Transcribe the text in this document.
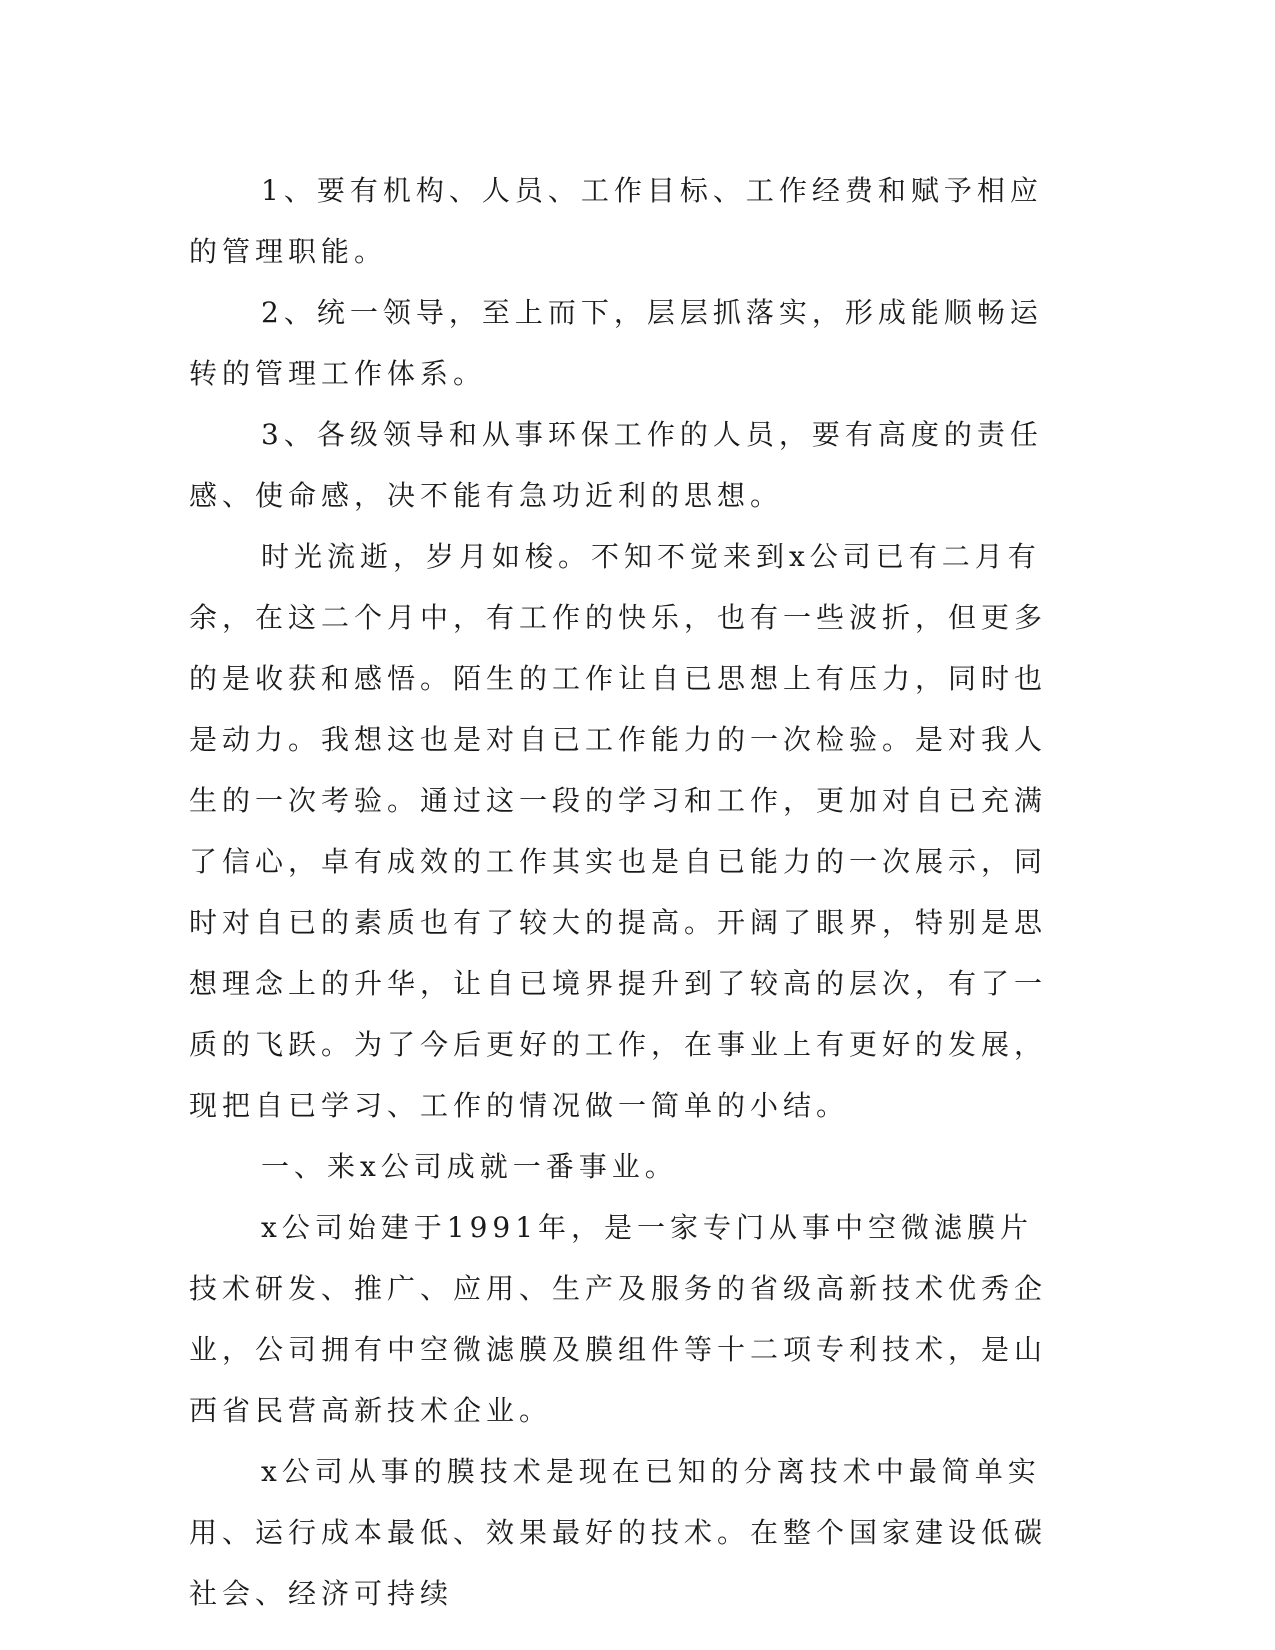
1、要有机构、人员、工作目标、工作经费和赋予相应的管理职能。

2、统一领导，至上而下，层层抓落实，形成能顺畅运转的管理工作体系。

3、各级领导和从事环保工作的人员，要有高度的责任感、使命感，决不能有急功近利的思想。

时光流逝，岁月如梭。不知不觉来到x公司已有二月有余，在这二个月中，有工作的快乐，也有一些波折，但更多的是收获和感悟。陌生的工作让自已思想上有压力，同时也是动力。我想这也是对自已工作能力的一次检验。是对我人生的一次考验。通过这一段的学习和工作，更加对自已充满了信心，卓有成效的工作其实也是自已能力的一次展示，同时对自已的素质也有了较大的提高。开阔了眼界，特别是思想理念上的升华，让自已境界提升到了较高的层次，有了一质的飞跃。为了今后更好的工作，在事业上有更好的发展，现把自已学习、工作的情况做一简单的小结。

一、来x公司成就一番事业。

x公司始建于1991年，是一家专门从事中空微滤膜片技术研发、推广、应用、生产及服务的省级高新技术优秀企业，公司拥有中空微滤膜及膜组件等十二项专利技术，是山西省民营高新技术企业。

x公司从事的膜技术是现在已知的分离技术中最简单实用、运行成本最低、效果最好的技术。在整个国家建设低碳社会、经济可持续
